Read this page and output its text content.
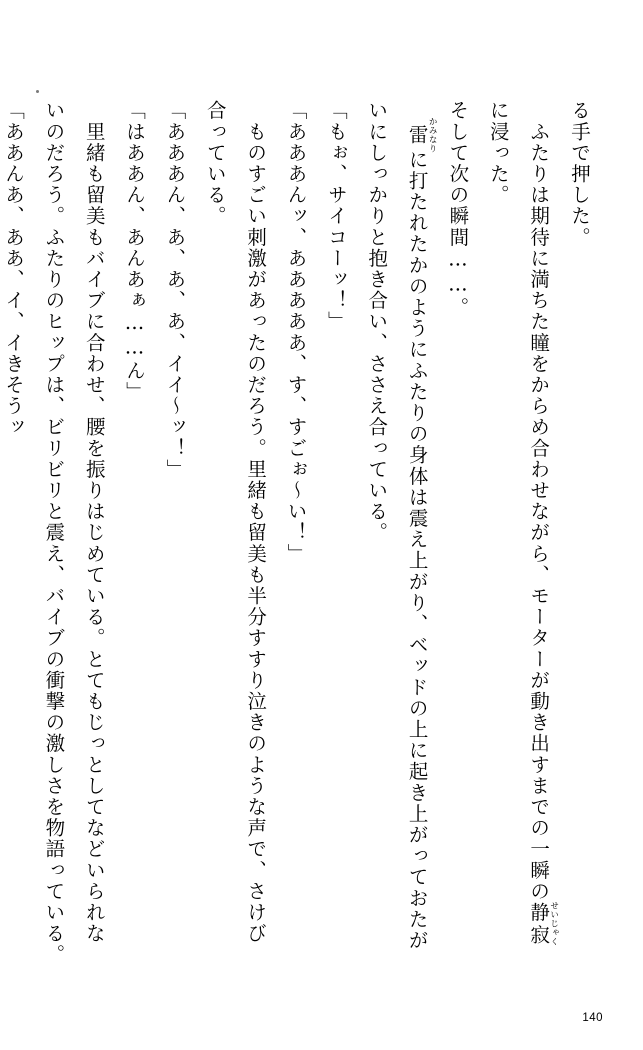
る手で押した。

　ふたりは期待に満ちた瞳をからめ合わせながら、モーターが動き出すまでの一瞬の静寂せいじゃく

に浸った。

そして次の瞬間……。

　雷かみなりに打たれたかのようにふたりの身体は震え上がり、ベッドの上に起き上がっておたが

いにしっかりと抱き合い、ささえ合っている。

「もぉ、サイコーッ！」

「あああんッ、あああああ、す、すごぉ～い！」

　ものすごい刺激があったのだろう。里緒も留美も半分すすり泣きのような声で、さけび

合っている。

「あああん、あ、あ、あ、イイ～ッ！」

「はああん、あんあぁ……ん」

　里緒も留美もバイブに合わせ、腰を振りはじめている。とてもじっとしてなどいられな

いのだろう。ふたりのヒップは、ビリビリと震え、バイブの衝撃の激しさを物語っている。

「ああんあ、ああ、イ、イきそうッ

140
